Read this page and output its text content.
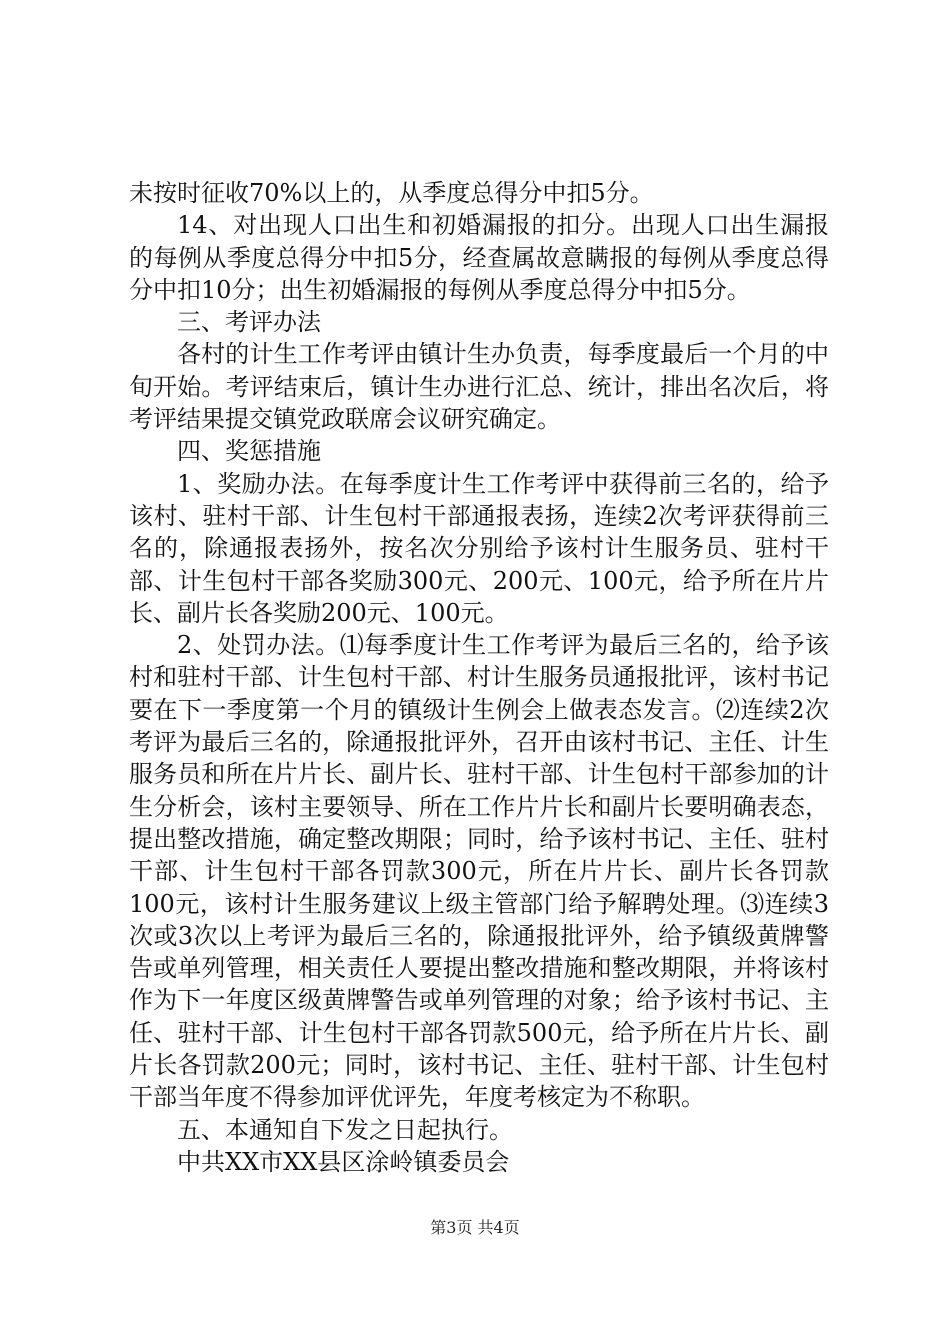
未按时征收70%以上的，从季度总得分中扣5分。

14、对出现人口出生和初婚漏报的扣分。出现人口出生漏报的每例从季度总得分中扣5分，经查属故意瞒报的每例从季度总得分中扣10分；出生初婚漏报的每例从季度总得分中扣5分。

三、考评办法

各村的计生工作考评由镇计生办负责，每季度最后一个月的中旬开始。考评结束后，镇计生办进行汇总、统计，排出名次后，将考评结果提交镇党政联席会议研究确定。

四、奖惩措施

1、奖励办法。在每季度计生工作考评中获得前三名的，给予该村、驻村干部、计生包村干部通报表扬，连续2次考评获得前三名的，除通报表扬外，按名次分别给予该村计生服务员、驻村干部、计生包村干部各奖励300元、200元、100元，给予所在片片长、副片长各奖励200元、100元。

2、处罚办法。⑴每季度计生工作考评为最后三名的，给予该村和驻村干部、计生包村干部、村计生服务员通报批评，该村书记要在下一季度第一个月的镇级计生例会上做表态发言。⑵连续2次考评为最后三名的，除通报批评外，召开由该村书记、主任、计生服务员和所在片片长、副片长、驻村干部、计生包村干部参加的计生分析会，该村主要领导、所在工作片片长和副片长要明确表态，提出整改措施，确定整改期限；同时，给予该村书记、主任、驻村干部、计生包村干部各罚款300元，所在片片长、副片长各罚款100元，该村计生服务建议上级主管部门给予解聘处理。⑶连续3次或3次以上考评为最后三名的，除通报批评外，给予镇级黄牌警告或单列管理，相关责任人要提出整改措施和整改期限，并将该村作为下一年度区级黄牌警告或单列管理的对象；给予该村书记、主任、驻村干部、计生包村干部各罚款500元，给予所在片片长、副片长各罚款200元；同时，该村书记、主任、驻村干部、计生包村干部当年度不得参加评优评先，年度考核定为不称职。

五、本通知自下发之日起执行。

中共XX市XX县区涂岭镇委员会

第3页 共4页
